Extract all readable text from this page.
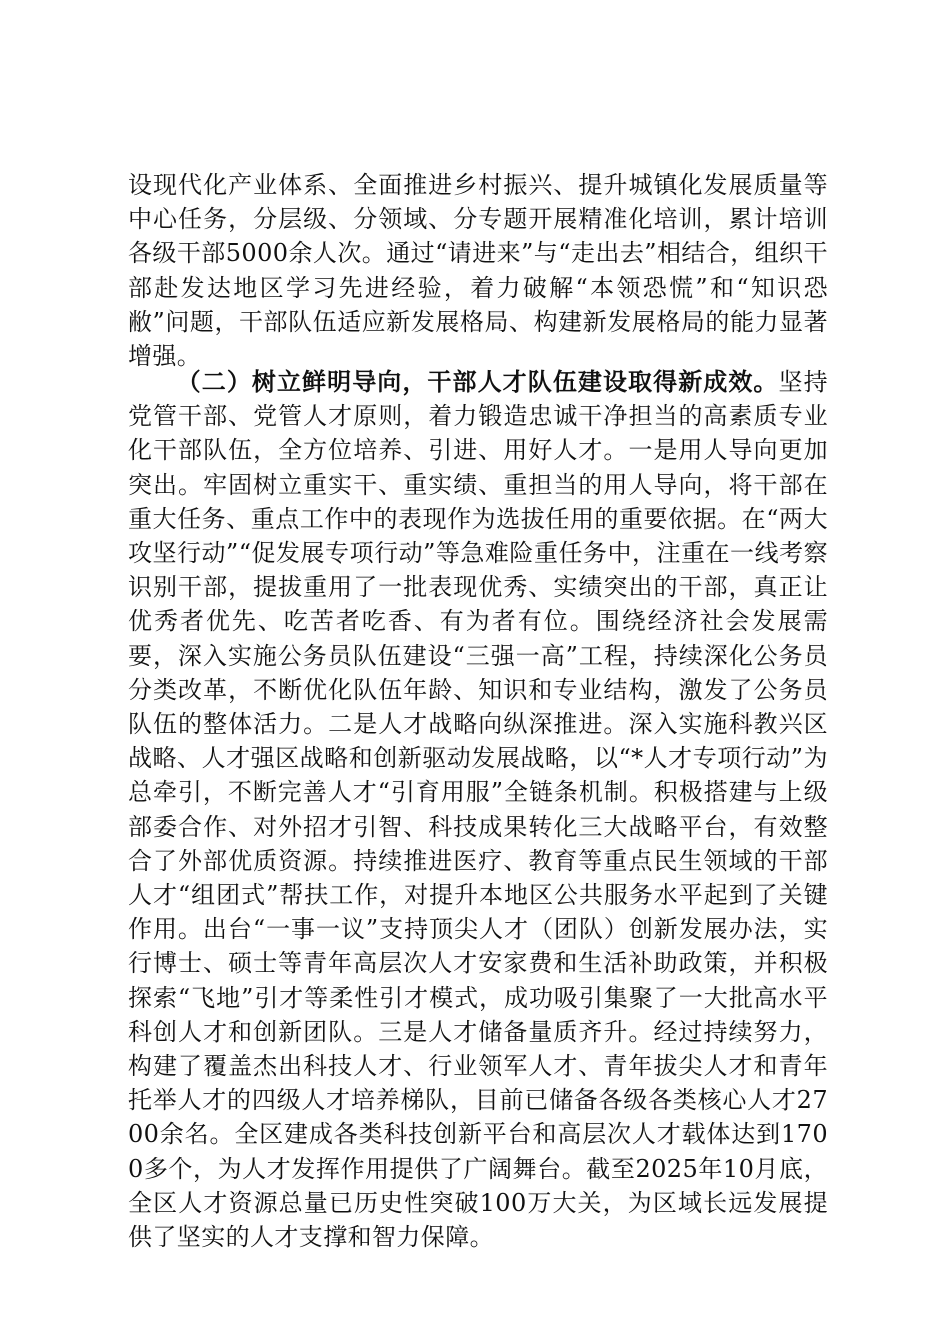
设现代化产业体系、全面推进乡村振兴、提升城镇化发展质量等中心任务，分层级、分领域、分专题开展精准化培训，累计培训各级干部5000余人次。通过“请进来”与“走出去”相结合，组织干部赴发达地区学习先进经验，着力破解“本领恐慌”和“知识恐敝”问题，干部队伍适应新发展格局、构建新发展格局的能力显著增强。

（二）树立鲜明导向，干部人才队伍建设取得新成效。坚持党管干部、党管人才原则，着力锻造忠诚干净担当的高素质专业化干部队伍，全方位培养、引进、用好人才。一是用人导向更加突出。牢固树立重实干、重实绩、重担当的用人导向，将干部在重大任务、重点工作中的表现作为选拔任用的重要依据。在“两大攻坚行动”“促发展专项行动”等急难险重任务中，注重在一线考察识别干部，提拔重用了一批表现优秀、实绩突出的干部，真正让优秀者优先、吃苦者吃香、有为者有位。围绕经济社会发展需要，深入实施公务员队伍建设“三强一高”工程，持续深化公务员分类改革，不断优化队伍年龄、知识和专业结构，激发了公务员队伍的整体活力。二是人才战略向纵深推进。深入实施科教兴区战略、人才强区战略和创新驱动发展战略，以“*人才专项行动”为总牵引，不断完善人才“引育用服”全链条机制。积极搭建与上级部委合作、对外招才引智、科技成果转化三大战略平台，有效整合了外部优质资源。持续推进医疗、教育等重点民生领域的干部人才“组团式”帮扶工作，对提升本地区公共服务水平起到了关键作用。出台“一事一议”支持顶尖人才（团队）创新发展办法，实行博士、硕士等青年高层次人才安家费和生活补助政策，并积极探索“飞地”引才等柔性引才模式，成功吸引集聚了一大批高水平科创人才和创新团队。三是人才储备量质齐升。经过持续努力，构建了覆盖杰出科技人才、行业领军人才、青年拔尖人才和青年托举人才的四级人才培养梯队，目前已储备各级各类核心人才2700余名。全区建成各类科技创新平台和高层次人才载体达到1700多个，为人才发挥作用提供了广阔舞台。截至2025年10月底，全区人才资源总量已历史性突破100万大关，为区域长远发展提供了坚实的人才支撑和智力保障。
